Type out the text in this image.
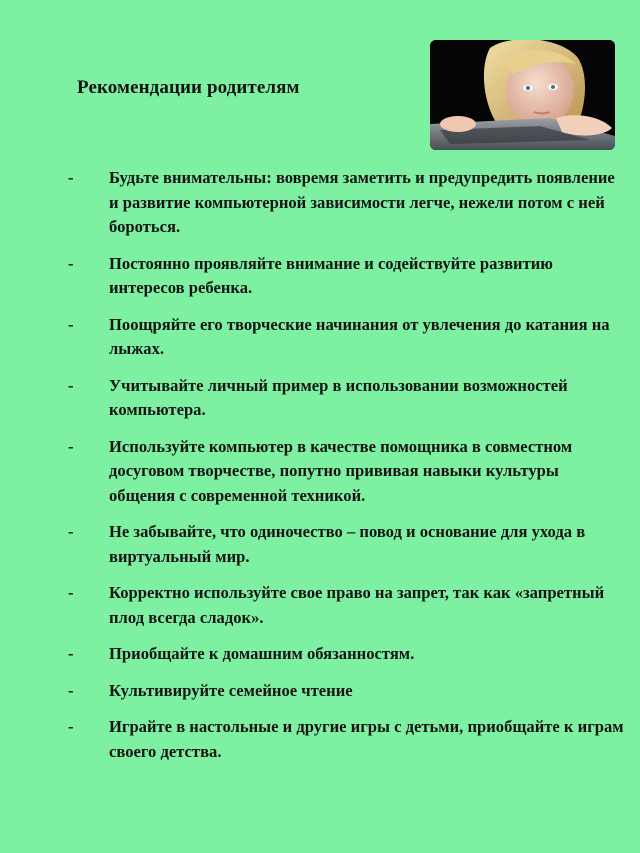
Рекомендации родителям
-	Будьте внимательны: вовремя заметить и предупредить появление и развитие компьютерной зависимости легче, нежели потом с ней бороться.
-	Постоянно проявляйте внимание и содействуйте развитию интересов ребенка.
-	Поощряйте его творческие начинания от увлечения до катания на лыжах.
-	Учитывайте личный пример в использовании возможностей компьютера.
-	Используйте компьютер в качестве помощника в совместном досуговом творчестве, попутно прививая навыки культуры общения с современной техникой.
-	Не забывайте, что одиночество – повод и основание для ухода в виртуальный мир.
-	Корректно используйте свое право на запрет, так как «запретный плод всегда сладок».
-	Приобщайте к домашним обязанностям.
-	Культивируйте семейное чтение
-	Играйте в настольные и другие игры с детьми, приобщайте к играм своего детства.
